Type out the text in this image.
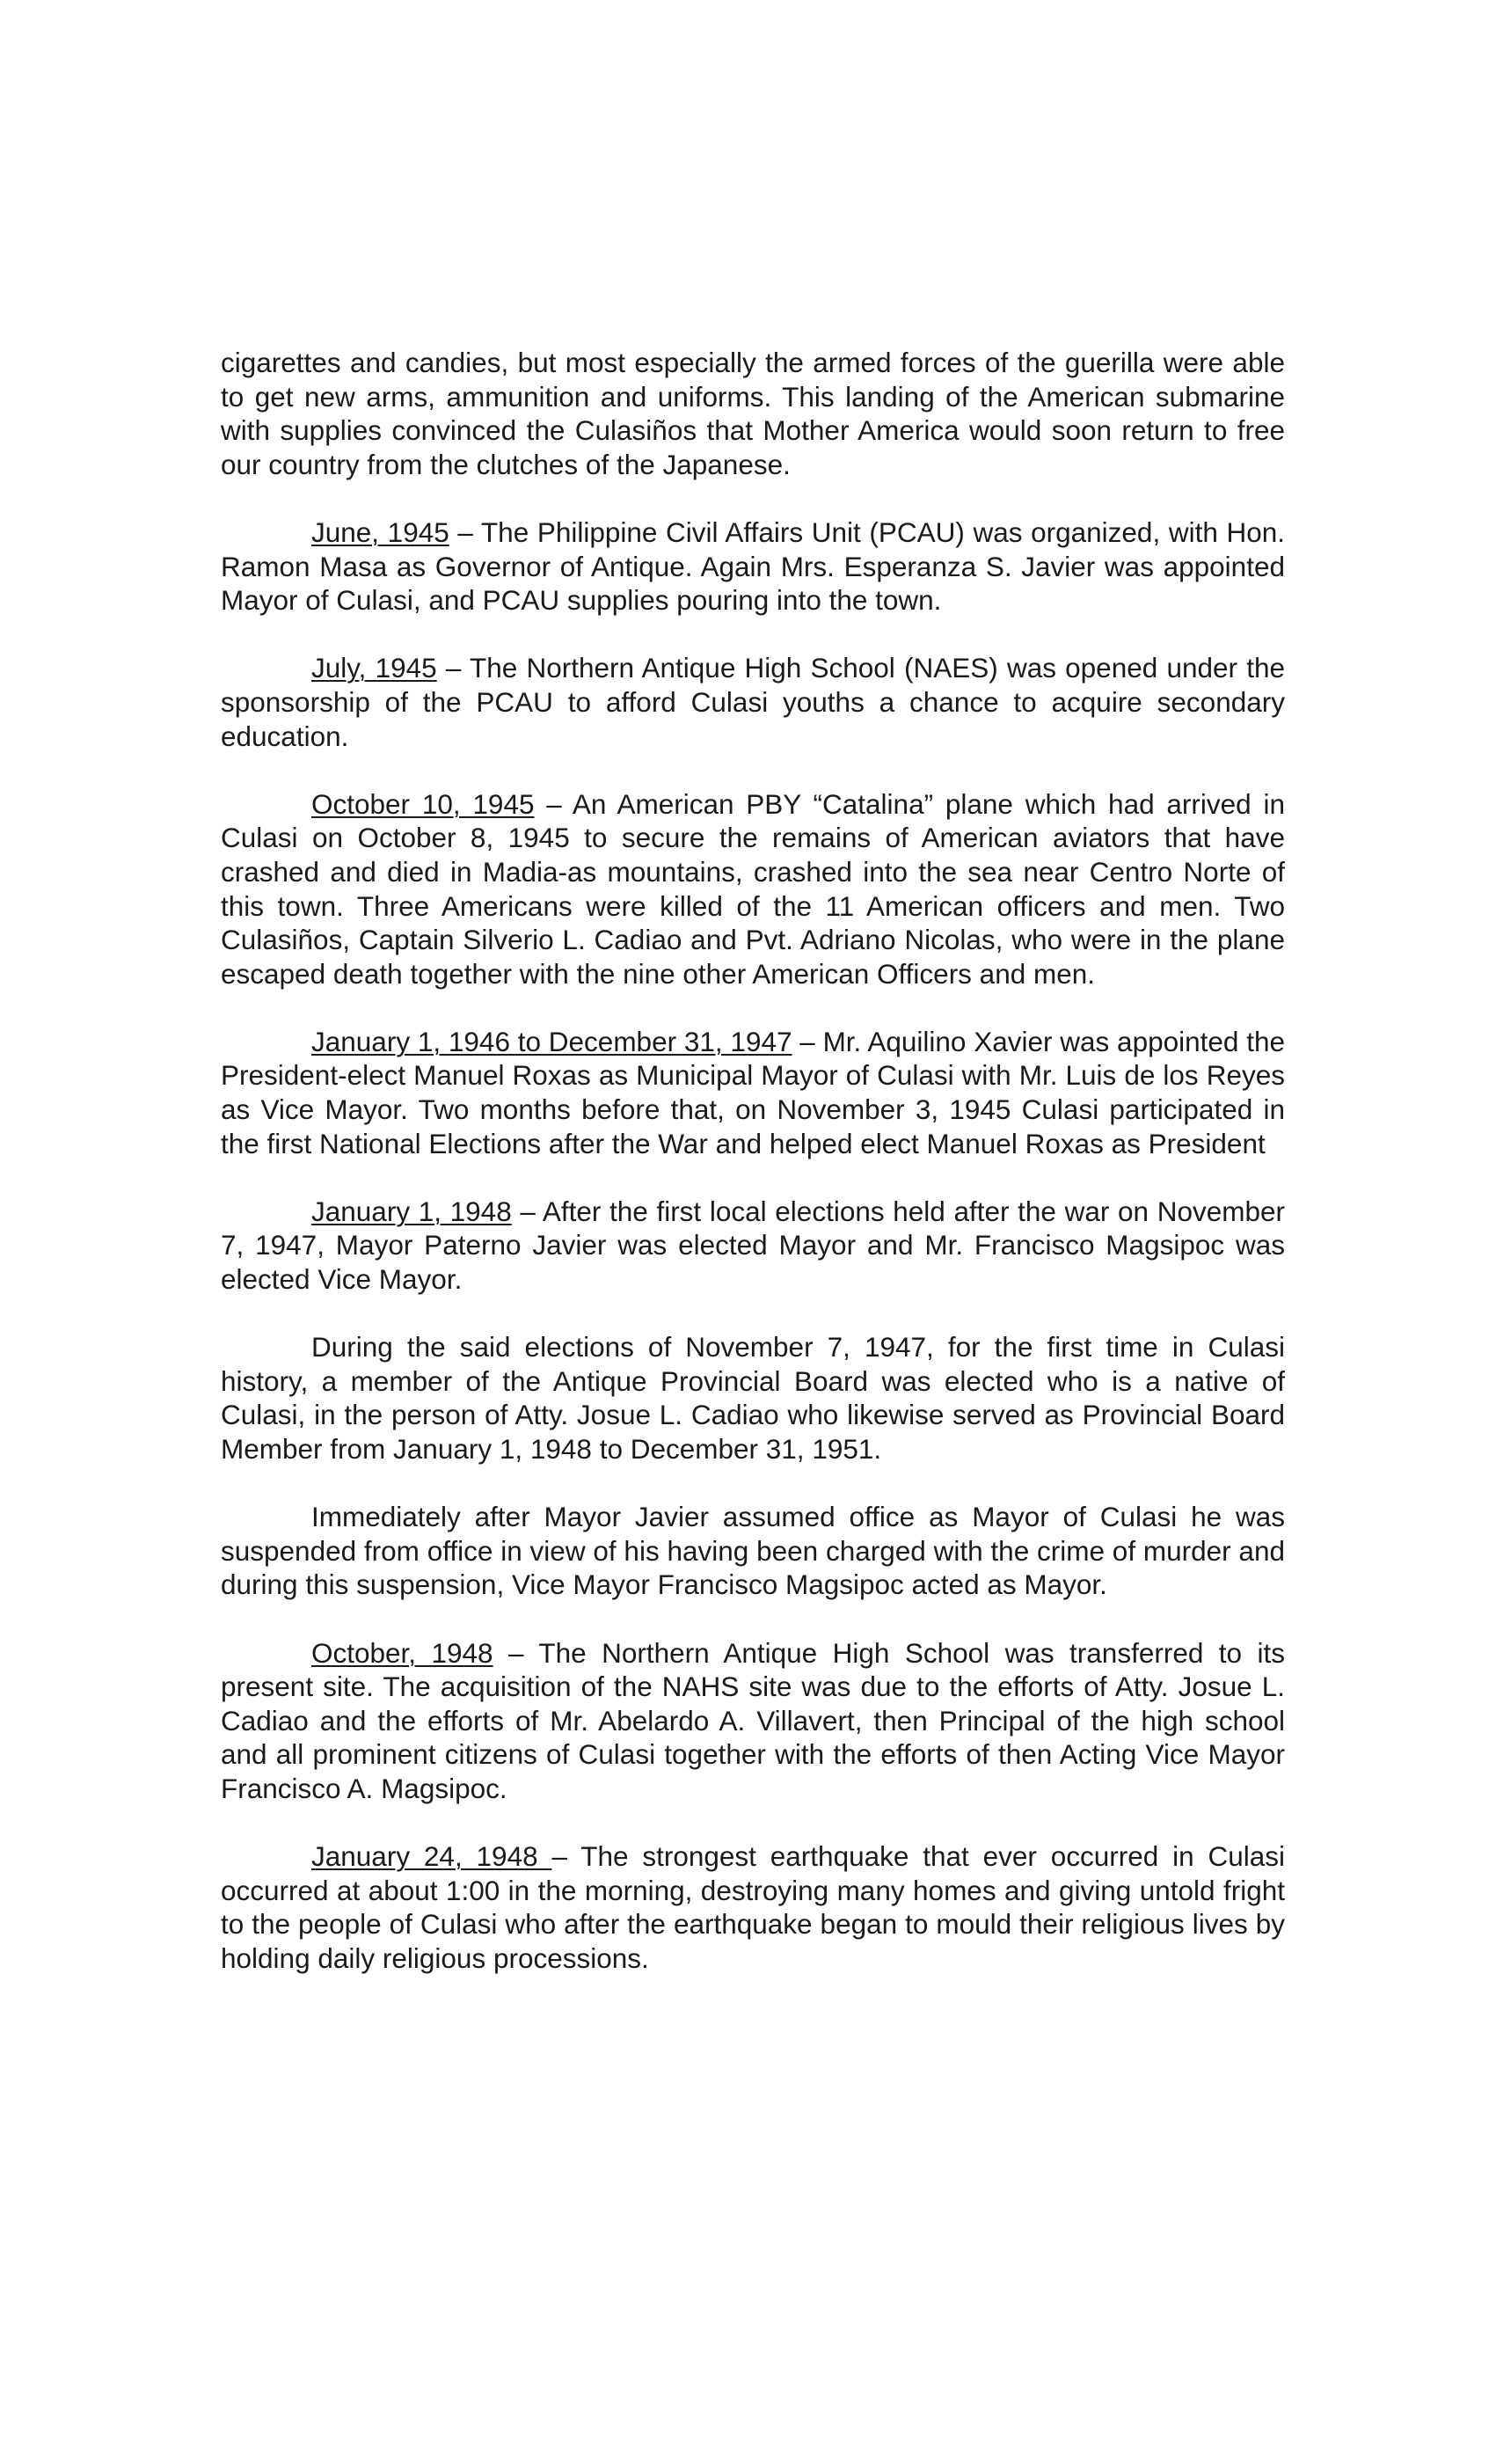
cigarettes and candies, but most especially the armed forces of the guerilla were able to get new arms, ammunition and uniforms. This landing of the American submarine with supplies convinced the Culasiños that Mother America would soon return to free our country from the clutches of the Japanese.

June, 1945 – The Philippine Civil Affairs Unit (PCAU) was organized, with Hon. Ramon Masa as Governor of Antique. Again Mrs. Esperanza S. Javier was appointed Mayor of Culasi, and PCAU supplies pouring into the town.

July, 1945 – The Northern Antique High School (NAES) was opened under the sponsorship of the PCAU to afford Culasi youths a chance to acquire secondary education.

October 10, 1945 – An American PBY “Catalina” plane which had arrived in Culasi on October 8, 1945 to secure the remains of American aviators that have crashed and died in Madia-as mountains, crashed into the sea near Centro Norte of this town. Three Americans were killed of the 11 American officers and men. Two Culasiños, Captain Silverio L. Cadiao and Pvt. Adriano Nicolas, who were in the plane escaped death together with the nine other American Officers and men.

January 1, 1946 to December 31, 1947 – Mr. Aquilino Xavier was appointed the President-elect Manuel Roxas as Municipal Mayor of Culasi with Mr. Luis de los Reyes as Vice Mayor. Two months before that, on November 3, 1945 Culasi participated in the first National Elections after the War and helped elect Manuel Roxas as President

January 1, 1948 – After the first local elections held after the war on November 7, 1947, Mayor Paterno Javier was elected Mayor and Mr. Francisco Magsipoc was elected Vice Mayor.

During the said elections of November 7, 1947, for the first time in Culasi history, a member of the Antique Provincial Board was elected who is a native of Culasi, in the person of Atty. Josue L. Cadiao who likewise served as Provincial Board Member from January 1, 1948 to December 31, 1951.

Immediately after Mayor Javier assumed office as Mayor of Culasi he was suspended from office in view of his having been charged with the crime of murder and during this suspension, Vice Mayor Francisco Magsipoc acted as Mayor.

October, 1948 – The Northern Antique High School was transferred to its present site. The acquisition of the NAHS site was due to the efforts of Atty. Josue L. Cadiao and the efforts of Mr. Abelardo A. Villavert, then Principal of the high school and all prominent citizens of Culasi together with the efforts of then Acting Vice Mayor Francisco A. Magsipoc.

January 24, 1948 – The strongest earthquake that ever occurred in Culasi occurred at about 1:00 in the morning, destroying many homes and giving untold fright to the people of Culasi who after the earthquake began to mould their religious lives by holding daily religious processions.
